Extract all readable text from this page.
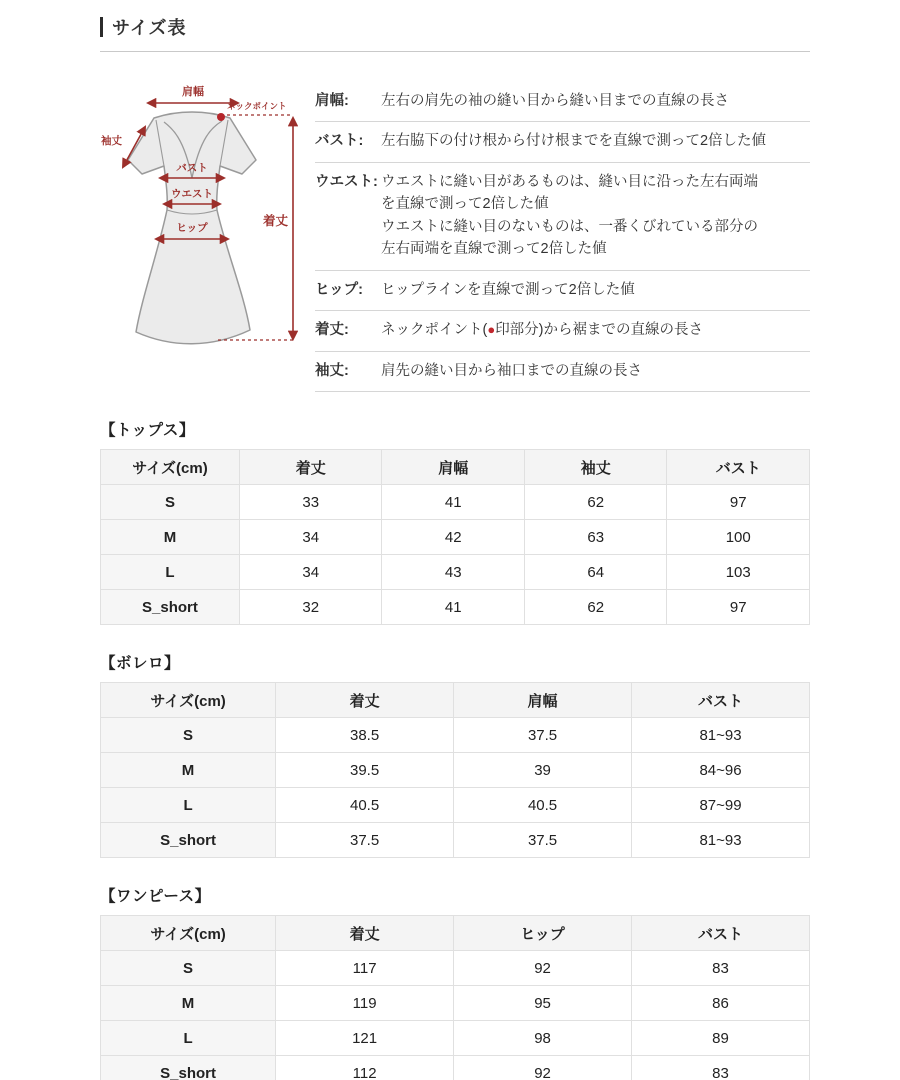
サイズ表
肩幅
ネックポイント
袖丈
バスト
ウエスト
ヒップ	着丈
肩幅:	左右の肩先の袖の縫い目から縫い目までの直線の長さ
バスト:	左右脇下の付け根から付け根までを直線で測って2倍した値
ウエスト: ウエストに縫い目があるものは、縫い目に沿った左右両端
を直線で測って2倍した値
ウエストに縫い目のないものは、一番くびれている部分の
左右両端を直線で測って2倍した値
ヒップ:	ヒップラインを直線で測って2倍した値
着丈:	ネックポイント(●印部分)から裾までの直線の長さ
袖丈:	肩先の縫い目から袖口までの直線の長さ
【トップス】
サイズ(cm)	着丈	肩幅	袖丈	バスト
S	33	41	62	97
M	34	42	63	100
L	34	43	64	103
S_short	32	41	62	97
【ボレロ】
サイズ(cm)	着丈	肩幅	バスト
S	38.5	37.5	81~93
M	39.5	39	84~96
L	40.5	40.5	87~99
S_short	37.5	37.5	81~93
【ワンピース】
サイズ(cm)	着丈	ヒップ	バスト
S	117	92	83
M	119	95	86
L	121	98	89
S_short	112	92	83
